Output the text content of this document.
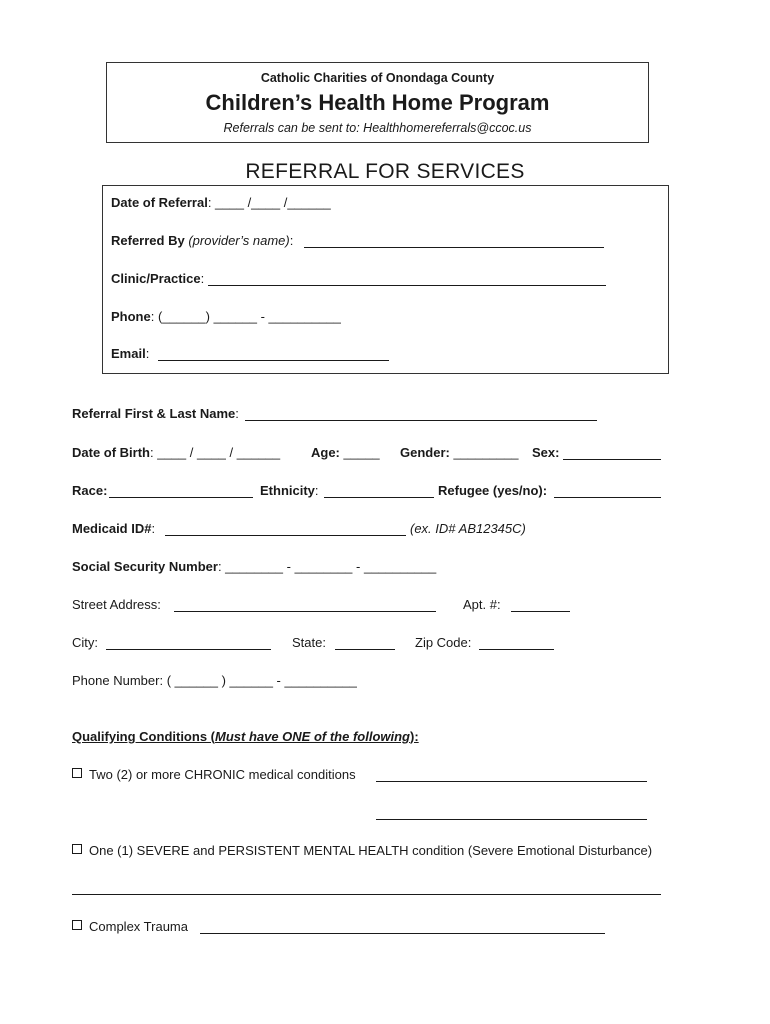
Catholic Charities of Onondaga County
Children’s Health Home Program
Referrals can be sent to: Healthhomereferrals@ccoc.us
REFERRAL FOR SERVICES
Date of Referral: ____ /____ /______
Referred By (provider’s name):
Clinic/Practice:
Phone: (______) ______ - __________
Email:
Referral First & Last Name:
Date of Birth: ____ / ____ / ______ Age: _____ Gender: _________ Sex:
Race:	Ethnicity:	Refugee (yes/no):
Medicaid ID#:	(ex. ID# AB12345C)
Social Security Number: ________ - ________ - __________
Street Address:	Apt. #:
City:	State:	Zip Code:
Phone Number: ( ______ ) ______ - __________
Qualifying Conditions (Must have ONE of the following):
Two (2) or more CHRONIC medical conditions
One (1) SEVERE and PERSISTENT MENTAL HEALTH condition (Severe Emotional Disturbance)
Complex Trauma
